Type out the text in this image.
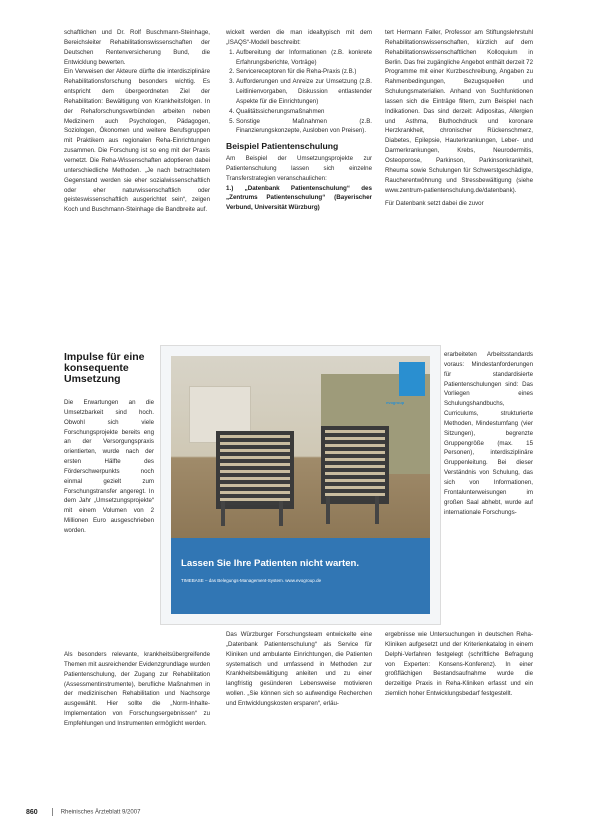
schaftlichen und Dr. Rolf Buschmann-Steinhage, Bereichsleiter Rehabilitationswissenschaften der Deutschen Rentenversicherung Bund, die Entwicklung bewerten.

Ein Verweisen der Akteure dürfte die interdisziplinäre Rehabilitationsforschung besonders wichtig. Es entspricht dem übergeordneten Ziel der Rehabilitation: Bewältigung von Krankheitsfolgen. In der Rehaforschungsverbünden arbeiten neben Medizinern auch Psychologen, Pädagogen, Soziologen, Ökonomen und weitere Berufsgruppen mit Praktikern aus regionalen Reha-Einrichtungen zusammen. Die Forschung ist so eng mit der Praxis vernetzt. Die Reha-Wissenschaften adoptieren dabei unterschiedliche Methoden. „Je nach betrachtetem Gegenstand werden sie eher sozialwissenschaftlich oder eher naturwissenschaftlich oder geisteswissenschaftlich ausgerichtet sein“, zeigen Koch und Buschmann-Steinhage die Bandbreite auf.

Impulse für eine konsequente Umsetzung

Die Erwartungen an die Umsetzbarkeit sind hoch. Obwohl sich viele Forschungsprojekte bereits eng an der Versorgungspraxis orientierten, wurde nach der ersten Hälfte des Förderschwerpunkts noch einmal gezielt zum Forschungstransfer angeregt. In dem Jahr „Umsetzungsprojekte“ mit einem Volumen von 2 Millionen Euro ausgeschrieben worden.

Als besonders relevante, krankheitsübergreifende Themen mit ausreichender Evidenzgrundlage wurden Patientenschulung, der Zugang zur Rehabilitation (Assessmentinstrumente), berufliche Maßnahmen in der medizinischen Rehabilitation und Nachsorge ausgewählt. Hier sollte die „Norm-Inhalte-Implementation von Forschungsergebnissen“ zu Empfehlungen und Instrumenten ermöglicht werden.

wickelt werden die man idealtypisch mit dem „ISAQS“-Modell beschreibt:

1. Aufbereitung der Informationen (z.B. konkrete Erfahrungsberichte, Vorträge)
2. Servicereceptoren für die Reha-Praxis (z.B.)
3. Aufforderungen und Anreize zur Umsetzung (z.B. Leitlinienvorgaben, Diskussion entlastender Aspekte für die Einrichtungen)
4. Qualitätssicherungsmaßnahmen
5. Sonstige Maßnahmen (z.B. Finanzierungskonzepte, Ausloben von Preisen).
Beispiel Patientenschulung

Am Beispiel der Umsetzungsprojekte zur Patientenschulung lassen sich einzelne Transferstrategien veranschaulichen:

1.) „Datenbank Patientenschulung“ des „Zentrums Patientenschulung“ (Bayerischer Verbund, Universität Würzburg)

tert Hermann Faller, Professor am Stiftungslehrstuhl Rehabilitationswissenschaften, kürzlich auf dem Rehabilitationswissenschaftlichen Kolloquium in Berlin. Das frei zugängliche Angebot enthält derzeit 72 Programme mit einer Kurzbeschreibung, Angaben zu Rahmenbedingungen, Bezugsquellen und Schulungsmaterialien. Anhand von Suchfunktionen lassen sich die Einträge filtern, zum Beispiel nach Indikationen. Das sind derzeit: Adipositas, Allergien und Asthma, Bluthochdruck und koronare Herzkrankheit, chronischer Rückenschmerz, Diabetes, Epilepsie, Hauterkrankungen, Leber- und Darmerkrankungen, Krebs, Neurodermitis, Osteoporose, Parkinson, Parkinsonkrankheit, Rheuma sowie Schulungen für Schwerstgeschädigte, Raucherentwöhnung und Stressbewältigung (siehe www.zentrum-patientenschulung.de/datenbank).

Für Datenbank setzt dabei die zuvor

erarbeiteten Arbeitsstandards voraus: Mindestanforderungen für standardisierte Patientenschulungen sind: Das Vorliegen eines Schulungshandbuchs, Curriculums, strukturierte Methoden, Mindestumfang (vier Sitzungen), begrenzte Gruppengröße (max. 15 Personen), interdisziplinäre Gruppenleitung. Bei dieser Verständnis von Schulung, das sich von Informationen, Frontalunterweisungen im großen Saal abhebt, wurde auf internationale Forschungs-

ergebnisse wie Untersuchungen in deutschen Reha-Kliniken aufgesetzt und der Kriterienkatalog in einem Delphi-Verfahren festgelegt (schriftliche Befragung von Experten: Konsens-Konferenz). In einer großflächigen Bestandsaufnahme wurde die derzeitige Praxis in Reha-Kliniken erfasst und ein ziemlich hoher Entwicklungsbedarf festgestellt.

Das Würzburger Forschungsteam entwickelte eine „Datenbank Patientenschulung“ als Service für Kliniken und ambulante Einrichtungen, die Patienten systematisch und umfassend in Methoden zur Krankheitsbewältigung anleiten und zu einer langfristig gesünderen Lebensweise motivieren wollen. „Sie können sich so aufwendige Recherchen und Entwicklungskosten ersparen“, erläu-

evogroup
Lassen Sie Ihre Patienten nicht warten.
TIMEBASE – das Belegungs-Management-System. www.evogroup.de
860	Rheinisches Ärzteblatt 9/2007
